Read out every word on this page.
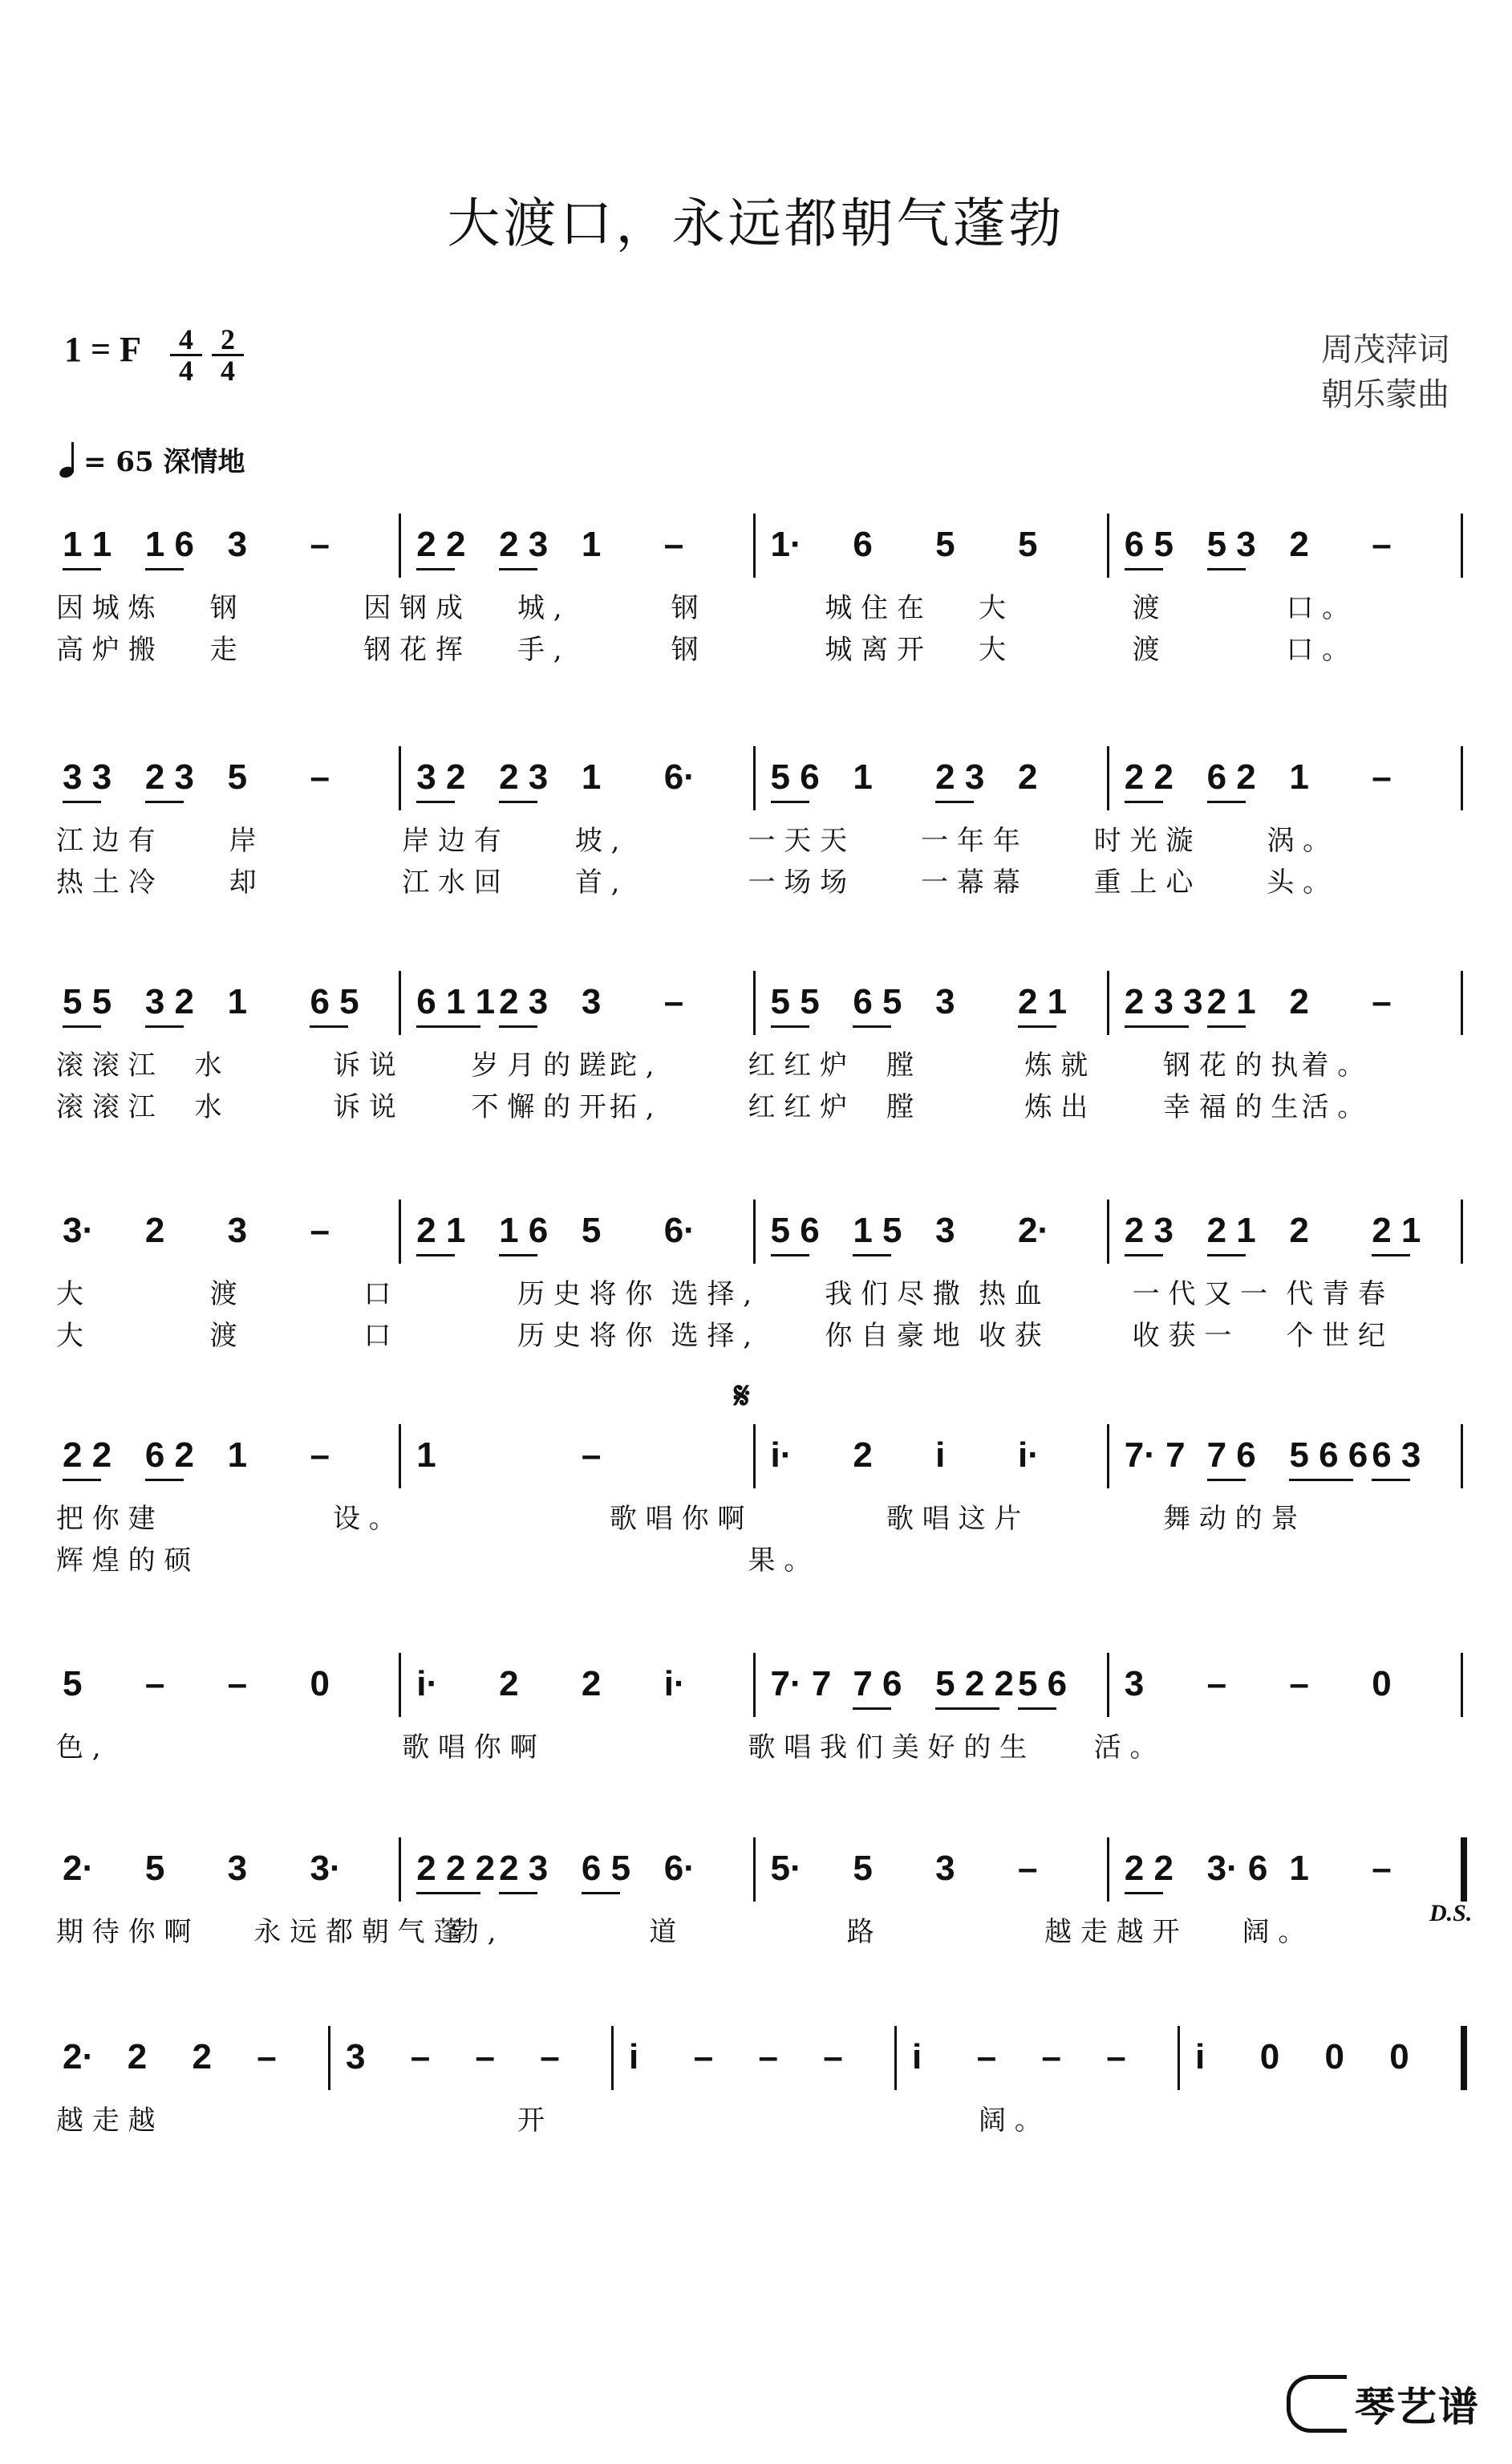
大渡口，永远都朝气蓬勃
1 = F	4
4
2
4
周茂萍词
朝乐蒙曲
= 65 深情地
1 1 1 6 3 – 2 2 2 3 1 – 1· 6 5 5 6 5 5 3 2 –
因 城 炼 钢	因 钢 成 城 ,	钢	城 住 在 大	渡	口 。
高 炉 搬 走	钢 花 挥 手 ,	钢	城 离 开 大	渡	口 。
3 3 2 3 5 – 3 2 2 3 1 6· 5 6 1 2 3 2 2 2 6 2 1 –
江 边 有	岸	岸 边 有	坡 ,	一 天 天	一 年 年	时 光 漩	涡 。
热 土 冷	却	江 水 回	首 ,	一 场 场	一 幕 幕	重 上 心	头 。
5 5 3 2 1 6 5 6 1 1 2 3 3 – 5 5 6 5 3 2 1 2 3 3 2 1 2 –
滚 滚 江 水	诉 说	岁 月 的 蹉 跎 ,	红 红 炉 膛	炼 就	钢 花 的 执 着 。
滚 滚 江 水	诉 说	不 懈 的 开 拓 ,	红 红 炉 膛	炼 出	幸 福 的 生 活 。
3· 2 3 – 2 1 1 6 5 6· 5 6 1 5 3 2· 2 3 2 1 2 2 1
大	渡	口	历 史 将 你 选 择 ,	我 们 尽 撒 热 血	一 代 又 一 代 青 春
大	渡	口	历 史 将 你 选 择 ,	你 自 豪 地 收 获	收 获 一 个 世 纪
2 2 6 2 1 – 1	–	i· 2 i i· 7· 7 7 6 5 6 6 6 3
把 你 建	设 。	歌 唱 你 啊	歌 唱 这 片	舞 动 的 景
辉 煌 的 硕	果 。
5 – – 0 i· 2 2 i· 7· 7 7 6 5 2 2 5 6 3 – – 0
色 ,	歌 唱 你 啊	歌 唱 我 们 美 好 的 生 活 。
2· 5 3 3· 2 2 2 2 3 6 5 6· 5· 5 3 – 2 2 3· 6 1 –
期 待 你 啊 永 远 都 朝 气 蓬
勃 ,	道	路	越 走 越 开 阔 。
2· 2 2 – 3 – – – i – – – i – – – i 0 0 0
越 走 越	开	阔 。
琴艺谱
𝄋
D.S.
